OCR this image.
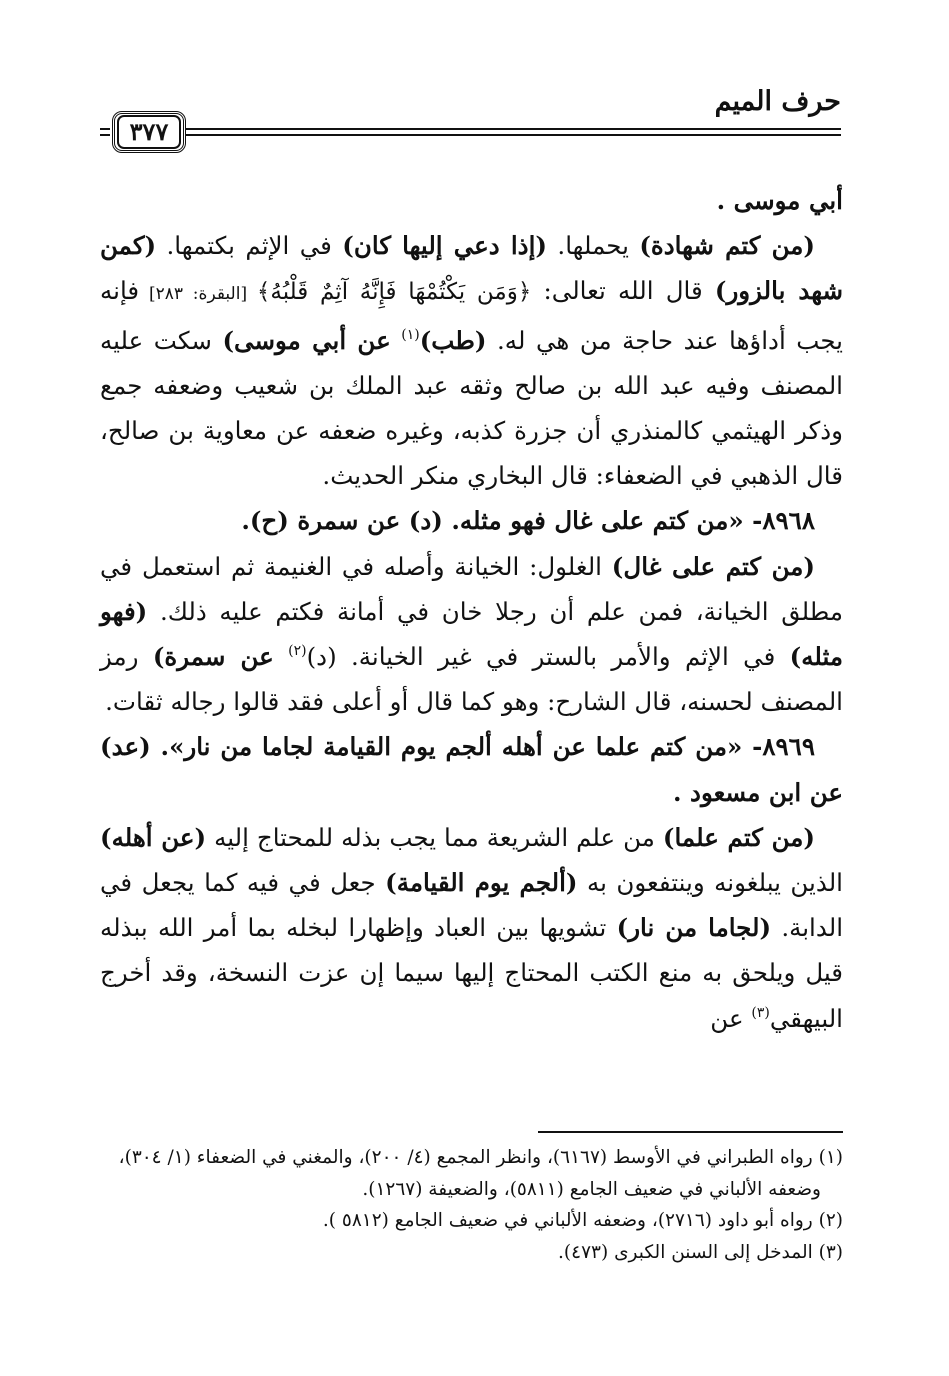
حرف الميم
٣٧٧

أبي موسى .

(من كتم شهادة) يحملها. (إذا دعي إليها كان) في الإثم بكتمها. (كمن شهد بالزور) قال الله تعالى: ﴿وَمَن يَكْتُمْهَا فَإِنَّهُ آثِمٌ قَلْبُهُ﴾ [البقرة: ٢٨٣] فإنه يجب أداؤها عند حاجة من هي له. (طب)$^{(١)}$ عن أبي موسى) سكت عليه المصنف وفيه عبد الله بن صالح وثقه عبد الملك بن شعيب وضعفه جمع وذكر الهيثمي كالمنذري أن جزرة كذبه، وغيره ضعفه عن معاوية بن صالح، قال الذهبي في الضعفاء: قال البخاري منكر الحديث.

٨٩٦٨- «من كتم على غال فهو مثله. (د) عن سمرة (ح).

(من كتم على غال) الغلول: الخيانة وأصله في الغنيمة ثم استعمل في مطلق الخيانة، فمن علم أن رجلا خان في أمانة فكتم عليه ذلك. (فهو مثله) في الإثم والأمر بالستر في غير الخيانة. (د)$^{(٢)}$ عن سمرة) رمز المصنف لحسنه، قال الشارح: وهو كما قال أو أعلى فقد قالوا رجاله ثقات.

٨٩٦٩- «من كتم علما عن أهله ألجم يوم القيامة لجاما من نار». (عد) عن ابن مسعود .

(من كتم علما) من علم الشريعة مما يجب بذله للمحتاج إليه (عن أهله) الذين يبلغونه وينتفعون به (ألجم يوم القيامة) جعل في فيه كما يجعل في الدابة. (لجاما من نار) تشويها بين العباد وإظهارا لبخله بما أمر الله ببذله قيل ويلحق به منع الكتب المحتاج إليها سيما إن عزت النسخة، وقد أخرج البيهقي$^{(٣)}$ عن

(١) رواه الطبراني في الأوسط (٦١٦٧)، وانظر المجمع (٤/ ٢٠٠)، والمغني في الضعفاء (١/ ٣٠٤)،

وضعفه الألباني في ضعيف الجامع (٥٨١١)، والضعيفة (١٢٦٧).

(٢) رواه أبو داود (٢٧١٦)، وضعفه الألباني في ضعيف الجامع (٥٨١٢ ).

(٣) المدخل إلى السنن الكبرى (٤٧٣).
